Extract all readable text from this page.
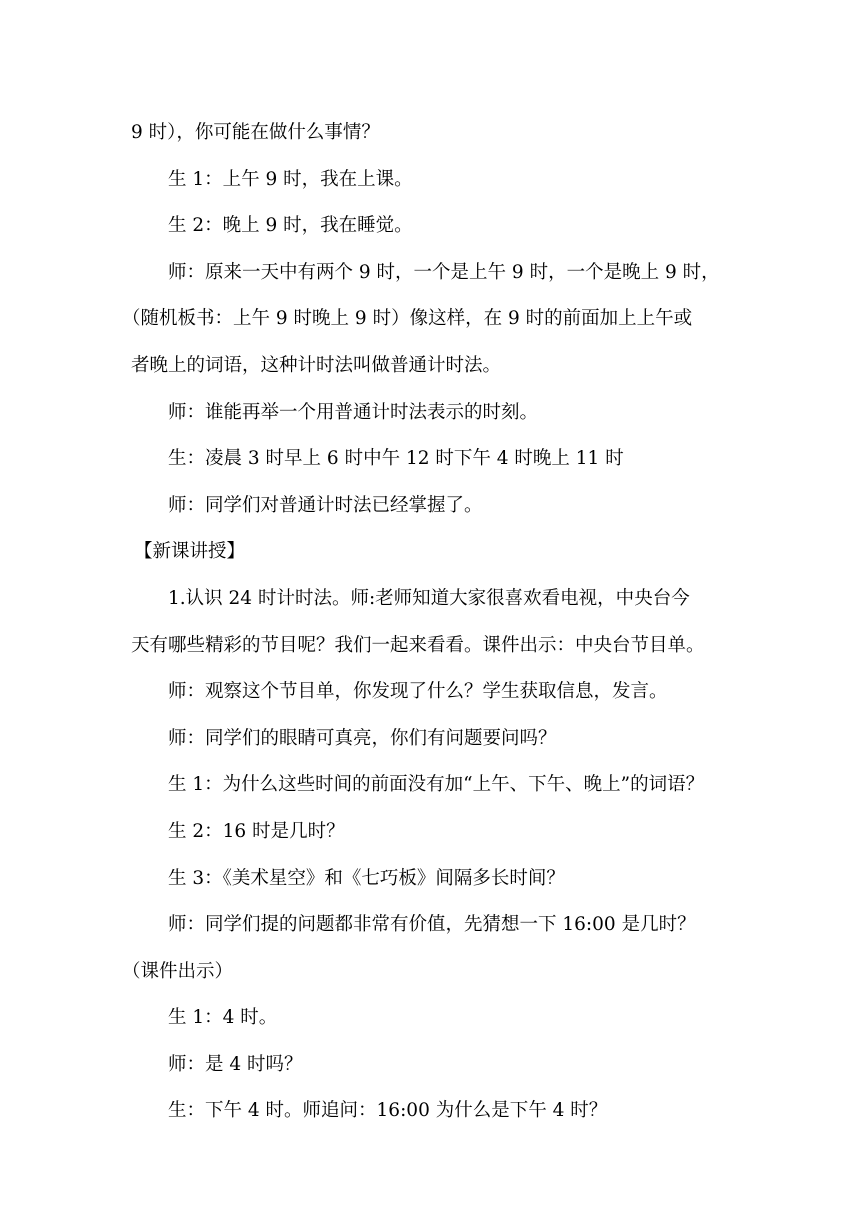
9 时），你可能在做什么事情？
生 1：上午 9 时，我在上课。
生 2：晚上 9 时，我在睡觉。
师：原来一天中有两个 9 时，一个是上午 9 时，一个是晚上 9 时，
（随机板书：上午 9 时晚上 9 时）像这样，在 9 时的前面加上上午或
者晚上的词语，这种计时法叫做普通计时法。
师：谁能再举一个用普通计时法表示的时刻。
生：凌晨 3 时早上 6 时中午 12 时下午 4 时晚上 11 时
师：同学们对普通计时法已经掌握了。
【新课讲授】
1.认识 24 时计时法。师:老师知道大家很喜欢看电视，中央台今
天有哪些精彩的节目呢？我们一起来看看。课件出示：中央台节目单。
师：观察这个节目单，你发现了什么？学生获取信息，发言。
师：同学们的眼睛可真亮，你们有问题要问吗？
生 1：为什么这些时间的前面没有加“上午、下午、晚上”的词语？
生 2：16 时是几时？
生 3：《美术星空》和《七巧板》间隔多长时间？
师：同学们提的问题都非常有价值，先猜想一下 16:00 是几时？
（课件出示）
生 1：4 时。
师：是 4 时吗？
生：下午 4 时。师追问：16:00 为什么是下午 4 时？
